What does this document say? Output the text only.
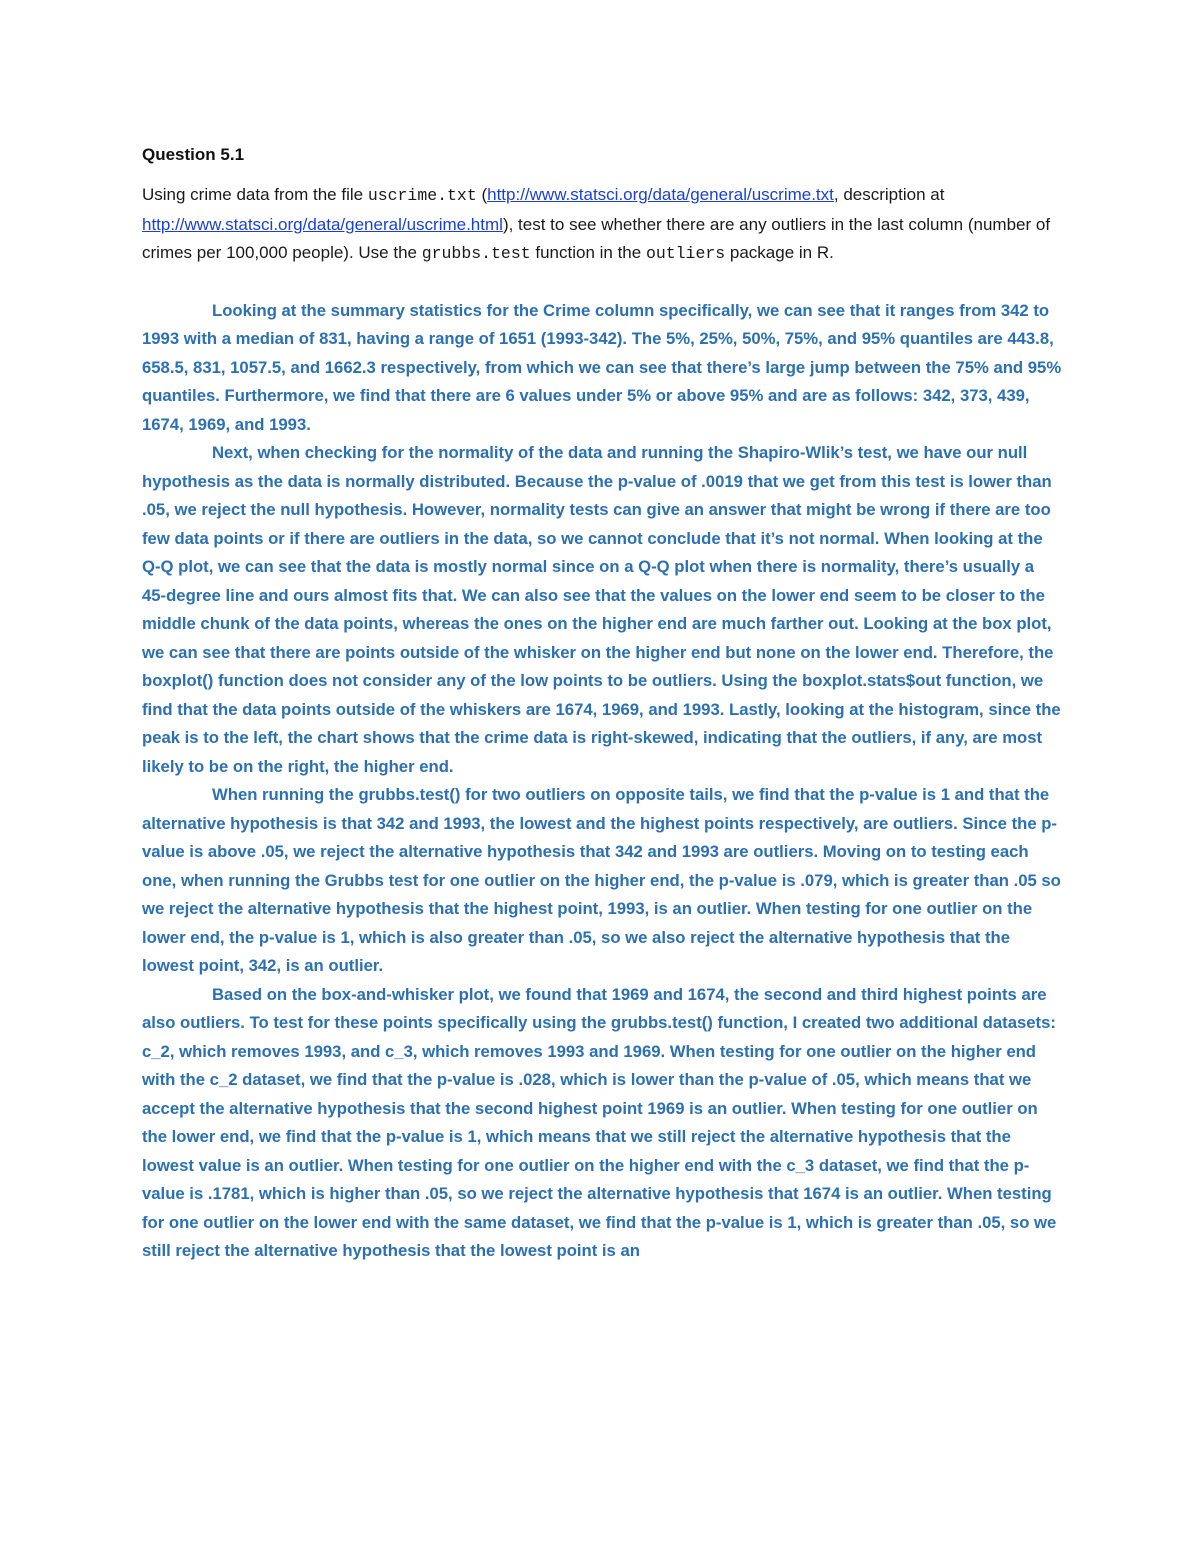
Question 5.1

Using crime data from the file uscrime.txt (http://www.statsci.org/data/general/uscrime.txt, description at http://www.statsci.org/data/general/uscrime.html), test to see whether there are any outliers in the last column (number of crimes per 100,000 people). Use the grubbs.test function in the outliers package in R.

Looking at the summary statistics for the Crime column specifically, we can see that it ranges from 342 to 1993 with a median of 831, having a range of 1651 (1993-342). The 5%, 25%, 50%, 75%, and 95% quantiles are 443.8, 658.5, 831, 1057.5, and 1662.3 respectively, from which we can see that there’s large jump between the 75% and 95% quantiles. Furthermore, we find that there are 6 values under 5% or above 95% and are as follows: 342, 373, 439, 1674, 1969, and 1993.

Next, when checking for the normality of the data and running the Shapiro-Wlik’s test, we have our null hypothesis as the data is normally distributed. Because the p-value of .0019 that we get from this test is lower than .05, we reject the null hypothesis. However, normality tests can give an answer that might be wrong if there are too few data points or if there are outliers in the data, so we cannot conclude that it’s not normal. When looking at the Q-Q plot, we can see that the data is mostly normal since on a Q-Q plot when there is normality, there’s usually a 45-degree line and ours almost fits that. We can also see that the values on the lower end seem to be closer to the middle chunk of the data points, whereas the ones on the higher end are much farther out. Looking at the box plot, we can see that there are points outside of the whisker on the higher end but none on the lower end. Therefore, the boxplot() function does not consider any of the low points to be outliers. Using the boxplot.stats$out function, we find that the data points outside of the whiskers are 1674, 1969, and 1993. Lastly, looking at the histogram, since the peak is to the left, the chart shows that the crime data is right-skewed, indicating that the outliers, if any, are most likely to be on the right, the higher end.

When running the grubbs.test() for two outliers on opposite tails, we find that the p-value is 1 and that the alternative hypothesis is that 342 and 1993, the lowest and the highest points respectively, are outliers. Since the p-value is above .05, we reject the alternative hypothesis that 342 and 1993 are outliers. Moving on to testing each one, when running the Grubbs test for one outlier on the higher end, the p-value is .079, which is greater than .05 so we reject the alternative hypothesis that the highest point, 1993, is an outlier. When testing for one outlier on the lower end, the p-value is 1, which is also greater than .05, so we also reject the alternative hypothesis that the lowest point, 342, is an outlier.

Based on the box-and-whisker plot, we found that 1969 and 1674, the second and third highest points are also outliers. To test for these points specifically using the grubbs.test() function, I created two additional datasets: c_2, which removes 1993, and c_3, which removes 1993 and 1969. When testing for one outlier on the higher end with the c_2 dataset, we find that the p-value is .028, which is lower than the p-value of .05, which means that we accept the alternative hypothesis that the second highest point 1969 is an outlier. When testing for one outlier on the lower end, we find that the p-value is 1, which means that we still reject the alternative hypothesis that the lowest value is an outlier. When testing for one outlier on the higher end with the c_3 dataset, we find that the p-value is .1781, which is higher than .05, so we reject the alternative hypothesis that 1674 is an outlier. When testing for one outlier on the lower end with the same dataset, we find that the p-value is 1, which is greater than .05, so we still reject the alternative hypothesis that the lowest point is an
